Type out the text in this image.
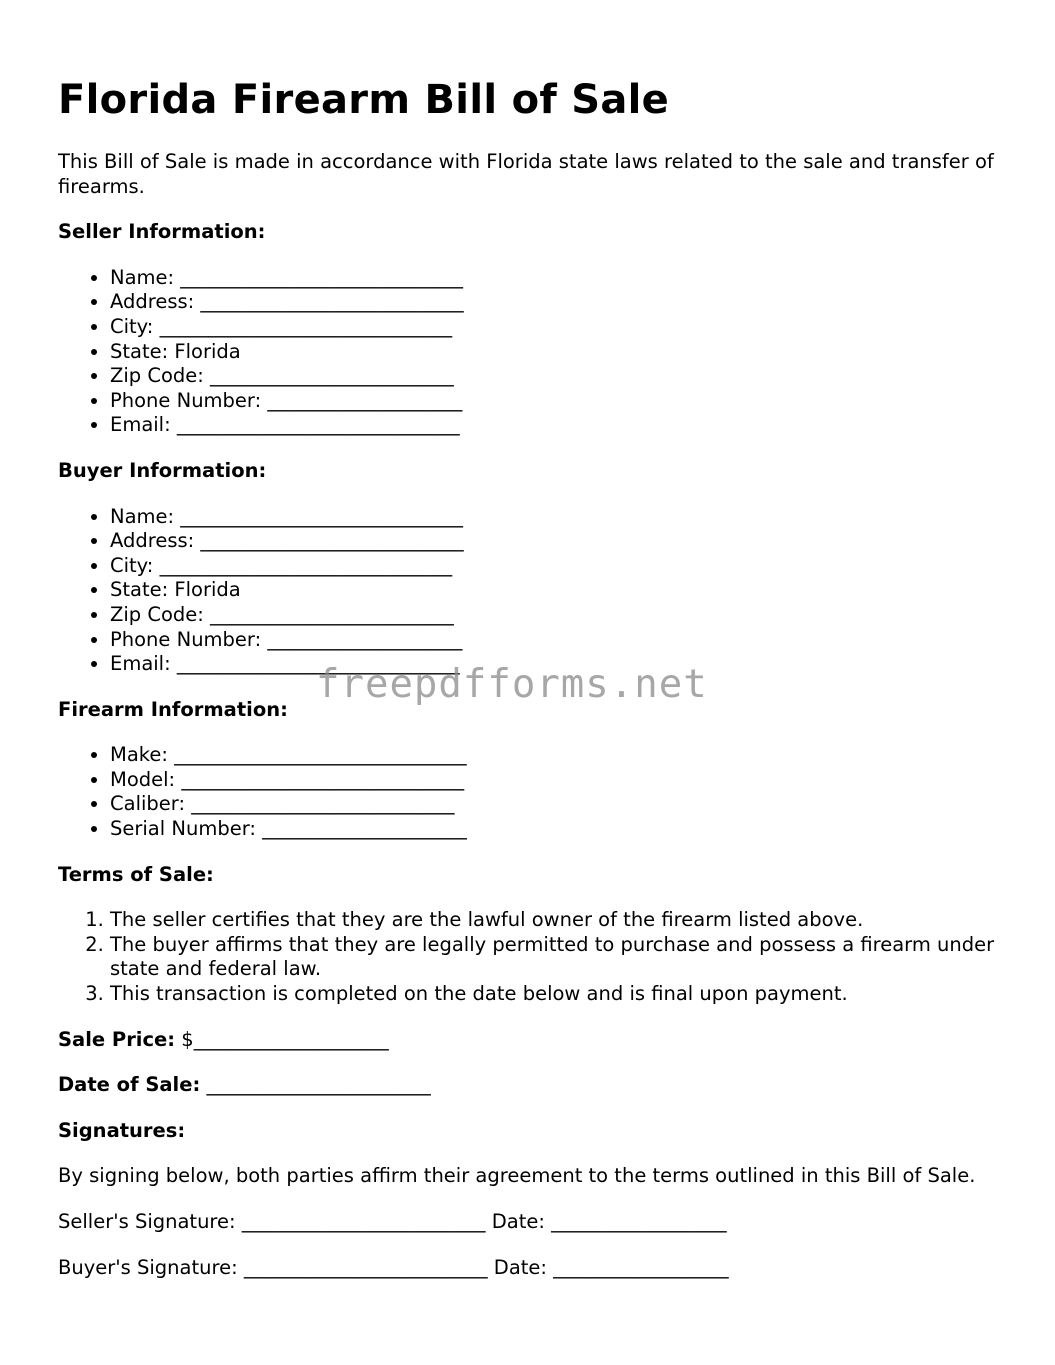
Florida Firearm Bill of Sale

This Bill of Sale is made in accordance with Florida state laws related to the sale and transfer of firearms.

Seller Information:
• Name: _____________________________
• Address: ___________________________
• City: ______________________________
• State: Florida
• Zip Code: _________________________
• Phone Number: ____________________
• Email: _____________________________
Buyer Information:
• Name: _____________________________
• Address: ___________________________
• City: ______________________________
• State: Florida
• Zip Code: _________________________
• Phone Number: ____________________
• Email: _____________________________
Firearm Information:
• Make: ______________________________
• Model: _____________________________
• Caliber: ___________________________
• Serial Number: _____________________
Terms of Sale:
1. The seller certifies that they are the lawful owner of the firearm listed above.
2. The buyer affirms that they are legally permitted to purchase and possess a firearm under state and federal law.
3. This transaction is completed on the date below and is final upon payment.
Sale Price: $____________________
Date of Sale: _______________________
Signatures:

By signing below, both parties affirm their agreement to the terms outlined in this Bill of Sale.

Seller's Signature: _________________________ Date: __________________
Buyer's Signature: _________________________ Date: __________________
freepdfforms.net
